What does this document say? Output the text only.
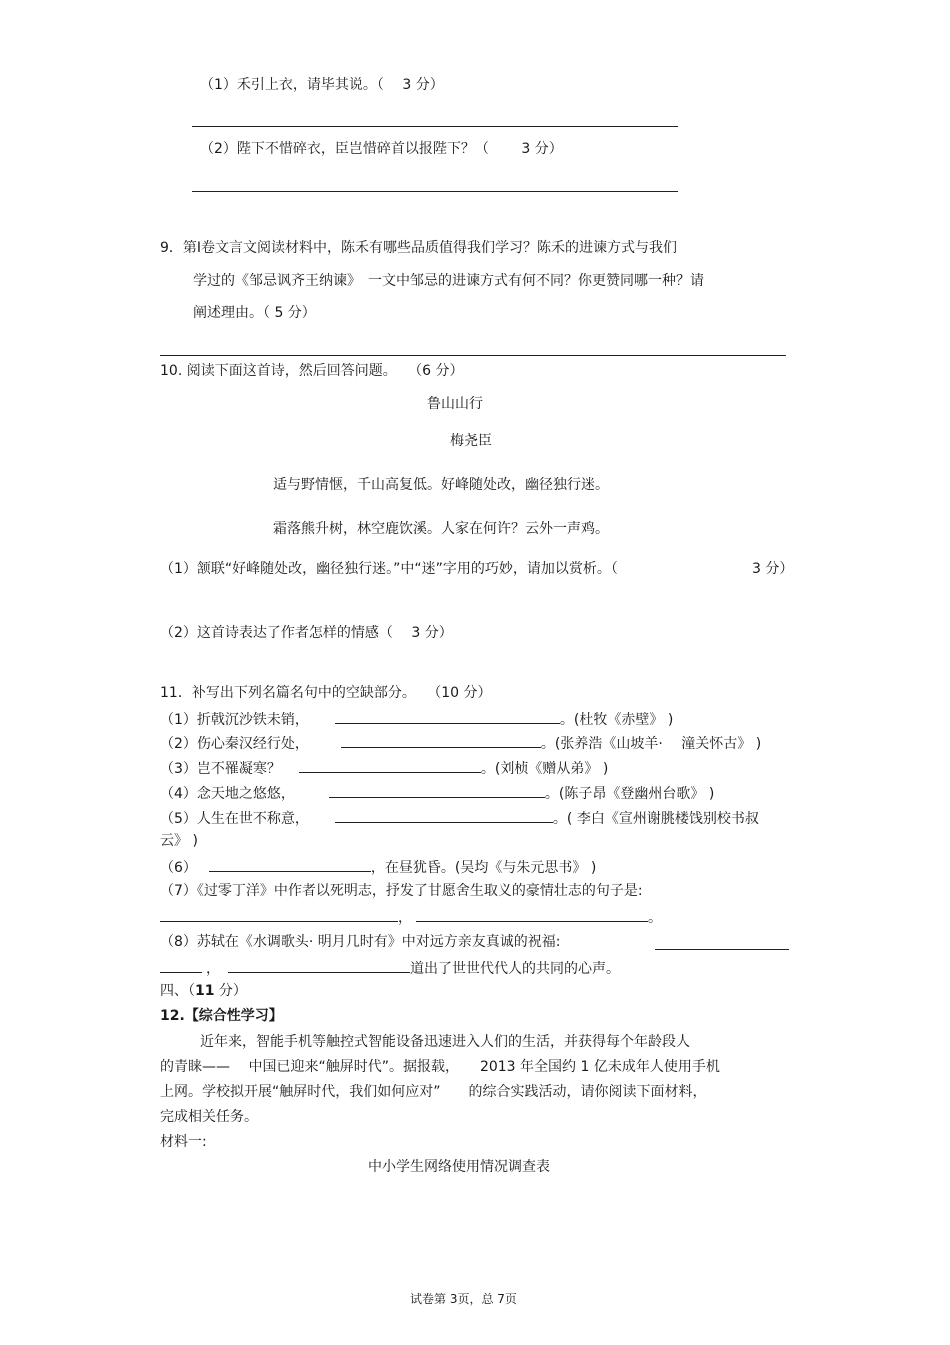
（1）禾引上衣，请毕其说。（　 3 分）
（2）陛下不惜碎衣，臣岂惜碎首以报陛下？（　　 3 分）
9．第Ⅰ卷文言文阅读材料中，陈禾有哪些品质值得我们学习？陈禾的进谏方式与我们
学过的《邹忌讽齐王纳谏》　一文中邹忌的进谏方式有何不同？你更赞同哪一种？请
阐述理由。（ 5 分）
10. 阅读下面这首诗，然后回答问题。　 （6 分）
鲁山山行
梅尧臣
适与野情惬，千山高复低。好峰随处改，幽径独行迷。
霜落熊升树，林空鹿饮溪。人家在何许？云外一声鸡。
（1）颔联“好峰随处改，幽径独行迷。”中“迷”字用的巧妙，请加以赏析。（	3 分）
（2）这首诗表达了作者怎样的情感（　 3 分）
11．补写出下列名篇名句中的空缺部分。　 （10 分）
（1）折戟沉沙铁未销，	。(杜牧《赤壁》 )
（2）伤心秦汉经行处，	。(张养浩《山坡羊·　 潼关怀古》 )
（3）岂不罹凝寒？	。(刘桢《赠从弟》 )
（4）念天地之悠悠，	。(陈子昂《登幽州台歌》 )
（5）人生在世不称意，	。( 李白《宣州谢朓楼饯别校书叔
云》 )
（6）	，在昼犹昏。(吴均《与朱元思书》 )
（7）《过零丁洋》中作者以死明志，抒发了甘愿舍生取义的豪情壮志的句子是:
，	。
（8）苏轼在《水调歌头· 明月几时有》中对远方亲友真诚的祝福:
，	道出了世世代代人的共同的心声。
四、（11 分）
12.【综合性学习】
近年来，智能手机等触控式智能设备迅速进入人们的生活，并获得每个年龄段人
的青睐——　 中国已迎来“触屏时代”。据报载，　　2013 年全国约 1 亿未成年人使用手机
上网。学校拟开展“触屏时代，我们如何应对”　　的综合实践活动，请你阅读下面材料，
完成相关任务。
材料一:
中小学生网络使用情况调查表
试卷第 3页，总 7页
